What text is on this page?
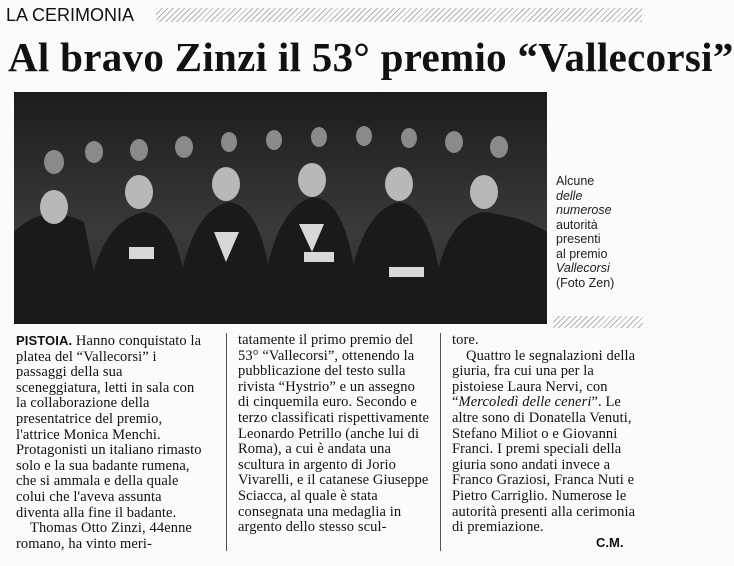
LA CERIMONIA
Al bravo Zinzi il 53° premio “Vallecorsi”
Alcune
delle
numerose
autorità
presenti
al premio
Vallecorsi
(Foto Zen)

PISTOIA. Hanno conquistato la platea del “Vallecorsi” i passaggi della sua sceneggiatura, letti in sala con la collaborazione della presentatrice del premio, l'attrice Monica Menchi. Protagonisti un italiano rimasto solo e la sua badante rumena, che si ammala e della quale colui che l'aveva assunta diventa alla fine il badante.

Thomas Otto Zinzi, 44enne romano, ha vinto meri-

tatamente il primo premio del 53° “Vallecorsi”, ottenendo la pubblicazione del testo sulla rivista “Hystrio” e un assegno di cinquemila euro. Secondo e terzo classificati rispettivamente Leonardo Petrillo (anche lui di Roma), a cui è andata una scultura in argento di Jorio Vivarelli, e il catanese Giuseppe Sciacca, al quale è stata consegnata una medaglia in argento dello stesso scul-

tore.

Quattro le segnalazioni della giuria, fra cui una per la pistoiese Laura Nervi, con “Mercoledì delle ceneri”. Le altre sono di Donatella Venuti, Stefano Miliot o e Giovanni Franci. I premi speciali della giuria sono andati invece a Franco Graziosi, Franca Nuti e Pietro Carriglio. Numerose le autorità presenti alla cerimonia di premiazione.

C.M.
